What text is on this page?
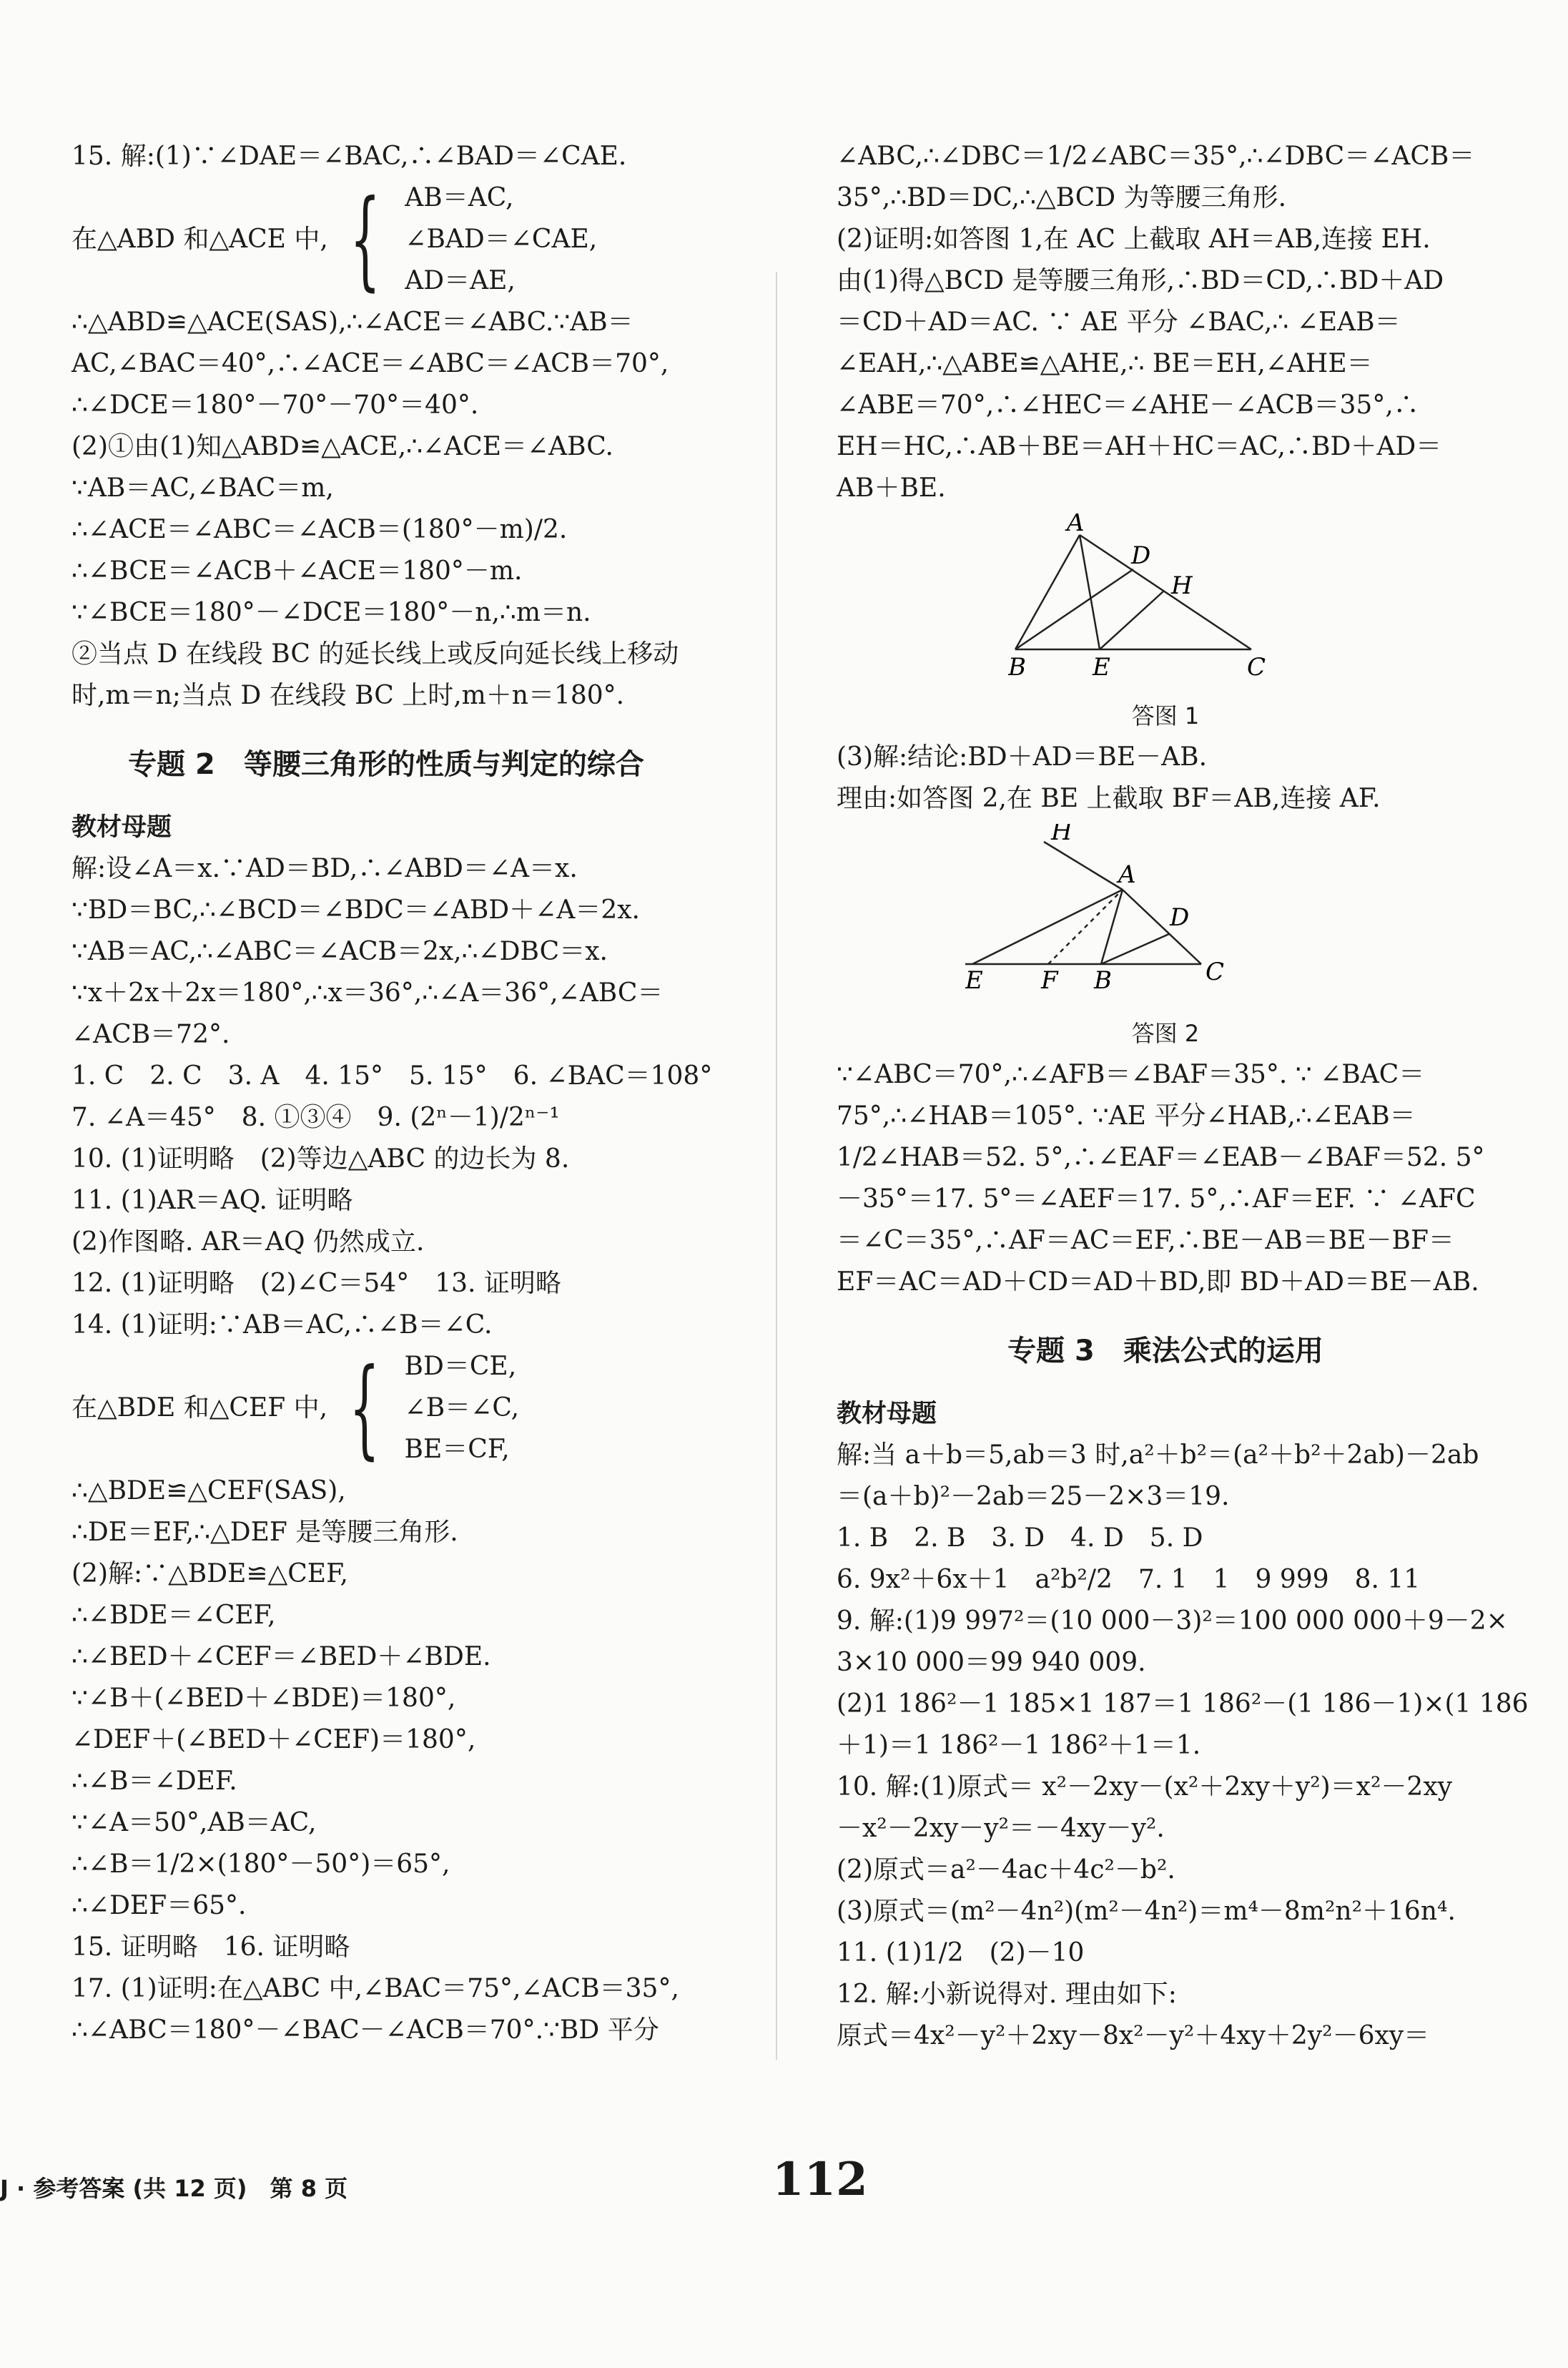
15. 解:(1)∵∠DAE＝∠BAC,∴∠BAD＝∠CAE.

在△ABD 和△ACE 中, { AB＝AC,

∠BAD＝∠CAE,

AD＝AE,

∴△ABD≌△ACE(SAS),∴∠ACE＝∠ABC.∵AB＝

AC,∠BAC＝40°,∴∠ACE＝∠ABC＝∠ACB＝70°,

∴∠DCE＝180°－70°－70°＝40°.

(2)①由(1)知△ABD≌△ACE,∴∠ACE＝∠ABC.

∵AB＝AC,∠BAC＝m,

∴∠ACE＝∠ABC＝∠ACB＝(180°－m)/2.

∴∠BCE＝∠ACB＋∠ACE＝180°－m.

∵∠BCE＝180°－∠DCE＝180°－n,∴m＝n.

②当点 D 在线段 BC 的延长线上或反向延长线上移动

时,m＝n;当点 D 在线段 BC 上时,m＋n＝180°.

专题 2　等腰三角形的性质与判定的综合

教材母题

解:设∠A＝x.∵AD＝BD,∴∠ABD＝∠A＝x.

∵BD＝BC,∴∠BCD＝∠BDC＝∠ABD＋∠A＝2x.

∵AB＝AC,∴∠ABC＝∠ACB＝2x,∴∠DBC＝x.

∵x＋2x＋2x＝180°,∴x＝36°,∴∠A＝36°,∠ABC＝

∠ACB＝72°.

1. C　2. C　3. A　4. 15°　5. 15°　6. ∠BAC＝108°

7. ∠A＝45°　8. ①③④　9. (2ⁿ－1)/2ⁿ⁻¹

10. (1)证明略　(2)等边△ABC 的边长为 8.

11. (1)AR＝AQ. 证明略

(2)作图略. AR＝AQ 仍然成立.

12. (1)证明略　(2)∠C＝54°　13. 证明略

14. (1)证明:∵AB＝AC,∴∠B＝∠C.

在△BDE 和△CEF 中, { BD＝CE,

∠B＝∠C,

BE＝CF,

∴△BDE≌△CEF(SAS),

∴DE＝EF,∴△DEF 是等腰三角形.

(2)解:∵△BDE≌△CEF,

∴∠BDE＝∠CEF,

∴∠BED＋∠CEF＝∠BED＋∠BDE.

∵∠B＋(∠BED＋∠BDE)＝180°,

∠DEF＋(∠BED＋∠CEF)＝180°,

∴∠B＝∠DEF.

∵∠A＝50°,AB＝AC,

∴∠B＝1/2×(180°－50°)＝65°,

∴∠DEF＝65°.

15. 证明略　16. 证明略

17. (1)证明:在△ABC 中,∠BAC＝75°,∠ACB＝35°,

∴∠ABC＝180°－∠BAC－∠ACB＝70°.∵BD 平分

∠ABC,∴∠DBC＝1/2∠ABC＝35°,∴∠DBC＝∠ACB＝

35°,∴BD＝DC,∴△BCD 为等腰三角形.

(2)证明:如答图 1,在 AC 上截取 AH＝AB,连接 EH.

由(1)得△BCD 是等腰三角形,∴BD＝CD,∴BD＋AD

＝CD＋AD＝AC. ∵ AE 平分 ∠BAC,∴ ∠EAB＝

∠EAH,∴△ABE≌△AHE,∴ BE＝EH,∠AHE＝

∠ABE＝70°,∴∠HEC＝∠AHE－∠ACB＝35°,∴

EH＝HC,∴AB＋BE＝AH＋HC＝AC,∴BD＋AD＝

AB＋BE.

A
D
H
B	E	C

答图 1

(3)解:结论:BD＋AD＝BE－AB.

理由:如答图 2,在 BE 上截取 BF＝AB,连接 AF.

H
A
D
E F B	C

答图 2

∵∠ABC＝70°,∴∠AFB＝∠BAF＝35°. ∵ ∠BAC＝

75°,∴∠HAB＝105°. ∵AE 平分∠HAB,∴∠EAB＝

1/2∠HAB＝52. 5°,∴∠EAF＝∠EAB－∠BAF＝52. 5°

－35°＝17. 5°＝∠AEF＝17. 5°,∴AF＝EF. ∵ ∠AFC

＝∠C＝35°,∴AF＝AC＝EF,∴BE－AB＝BE－BF＝

EF＝AC＝AD＋CD＝AD＋BD,即 BD＋AD＝BE－AB.

专题 3　乘法公式的运用

教材母题

解:当 a＋b＝5,ab＝3 时,a²＋b²＝(a²＋b²＋2ab)－2ab

＝(a＋b)²－2ab＝25－2×3＝19.

1. B　2. B　3. D　4. D　5. D

6. 9x²＋6x＋1　a²b²/2　7. 1　1　9 999　8. 11

9. 解:(1)9 997²＝(10 000－3)²＝100 000 000＋9－2×

3×10 000＝99 940 009.

(2)1 186²－1 185×1 187＝1 186²－(1 186－1)×(1 186

＋1)＝1 186²－1 186²＋1＝1.

10. 解:(1)原式＝ x²－2xy－(x²＋2xy＋y²)＝x²－2xy

－x²－2xy－y²＝－4xy－y².

(2)原式＝a²－4ac＋4c²－b².

(3)原式＝(m²－4n²)(m²－4n²)＝m⁴－8m²n²＋16n⁴.

11. (1)1/2　(2)－10

12. 解:小新说得对. 理由如下:

原式＝4x²－y²＋2xy－8x²－y²＋4xy＋2y²－6xy＝

J · 参考答案 (共 12 页)　第 8 页	112
